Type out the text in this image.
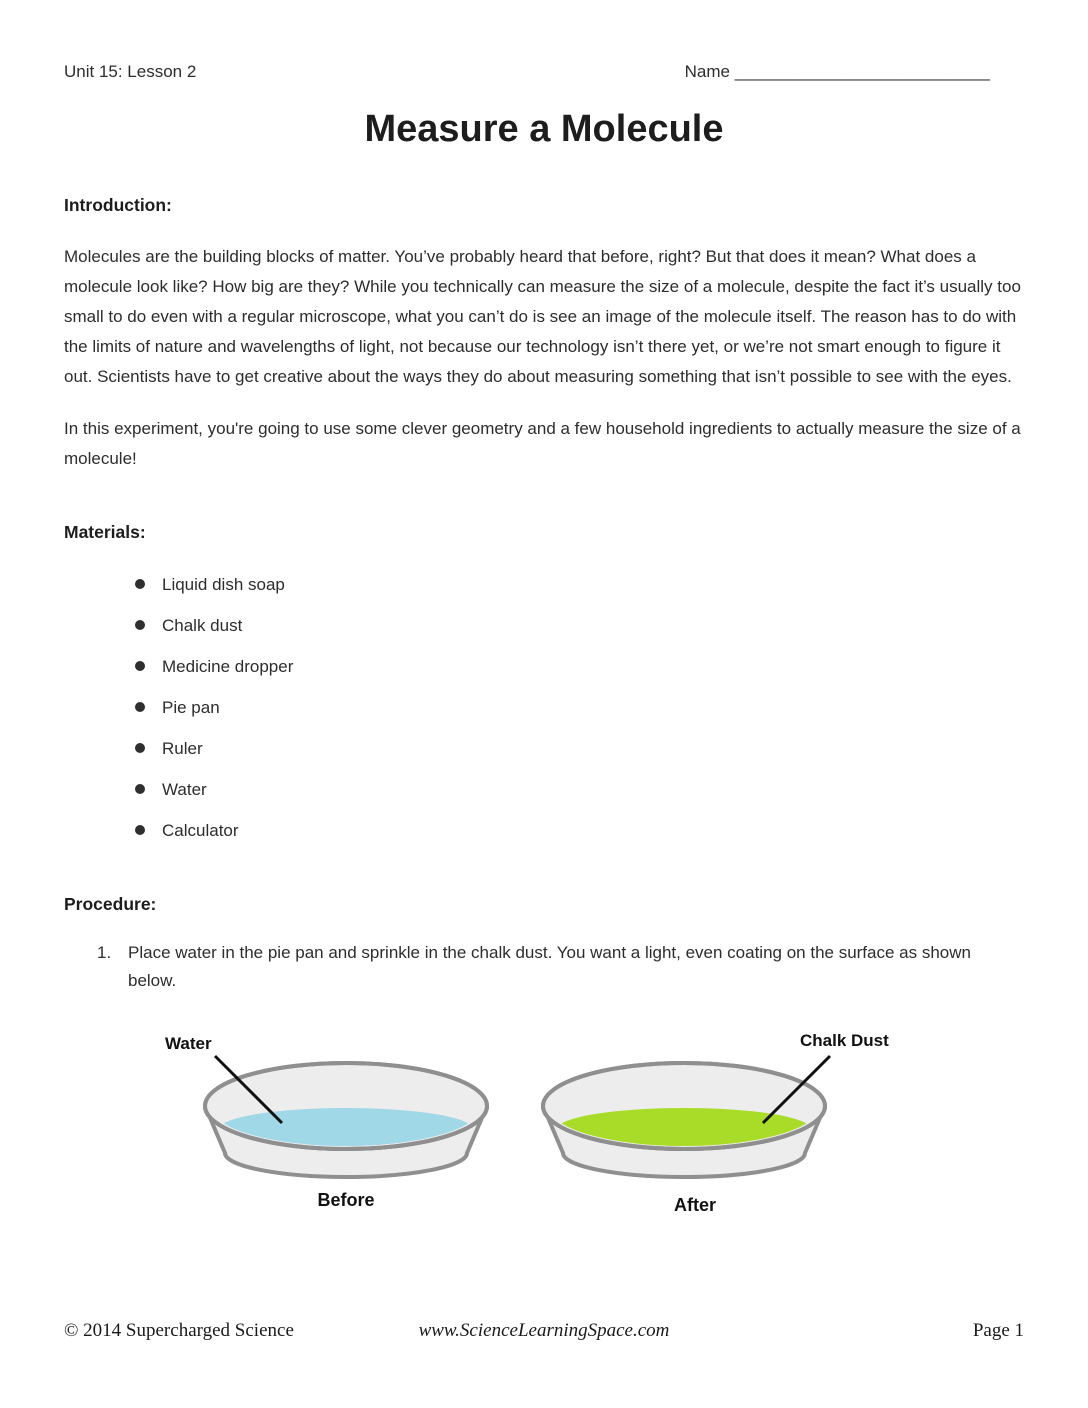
Unit 15: Lesson 2	Name ___________________________
Measure a Molecule
Introduction:

Molecules are the building blocks of matter. You’ve probably heard that before, right? But that does it mean? What does a molecule look like? How big are they? While you technically can measure the size of a molecule, despite the fact it’s usually too small to do even with a regular microscope, what you can’t do is see an image of the molecule itself. The reason has to do with the limits of nature and wavelengths of light, not because our technology isn’t there yet, or we’re not smart enough to figure it out. Scientists have to get creative about the ways they do about measuring something that isn’t possible to see with the eyes.

In this experiment, you're going to use some clever geometry and a few household ingredients to actually measure the size of a molecule!

Materials:
Liquid dish soap
Chalk dust
Medicine dropper
Pie pan
Ruler
Water
Calculator
Procedure:
1. Place water in the pie pan and sprinkle in the chalk dust. You want a light, even coating on the surface as shown below.
Water
Before
Chalk Dust
After
© 2014 Supercharged Science	www.ScienceLearningSpace.com	Page 1
